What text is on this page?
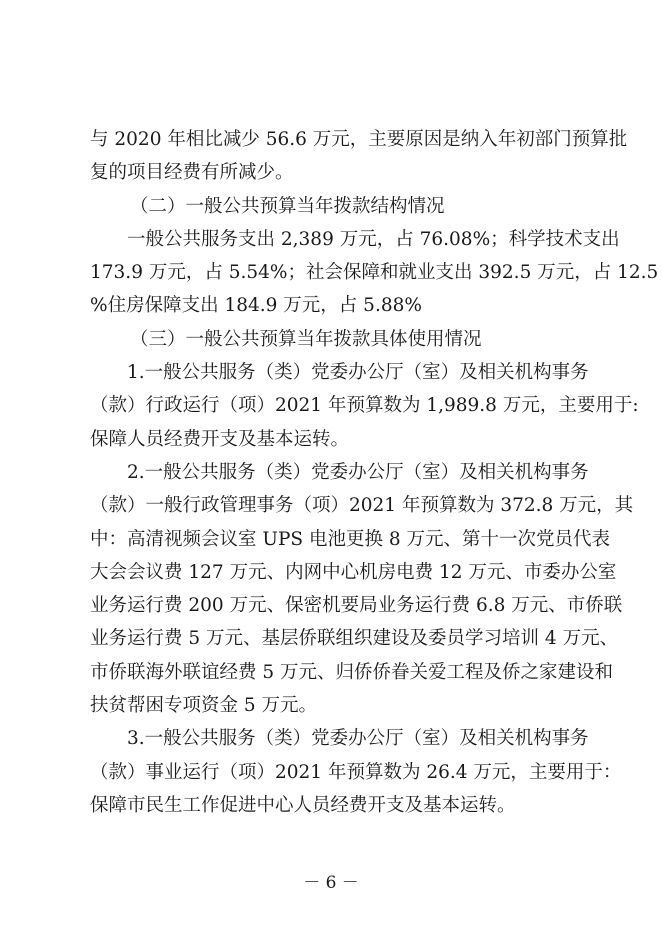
与 2020 年相比减少 56.6 万元，主要原因是纳入年初部门预算批
复的项目经费有所减少。
（二）一般公共预算当年拨款结构情况
一般公共服务支出 2,389 万元，占 76.08%；科学技术支出
173.9 万元，占 5.54%；社会保障和就业支出 392.5 万元，占 12.5
%住房保障支出 184.9 万元，占 5.88%
（三）一般公共预算当年拨款具体使用情况
1.一般公共服务（类）党委办公厅（室）及相关机构事务
（款）行政运行（项）2021 年预算数为 1,989.8 万元，主要用于:
保障人员经费开支及基本运转。
2.一般公共服务（类）党委办公厅（室）及相关机构事务
（款）一般行政管理事务（项）2021 年预算数为 372.8 万元，其
中：高清视频会议室 UPS 电池更换 8 万元、第十一次党员代表
大会会议费 127 万元、内网中心机房电费 12 万元、市委办公室
业务运行费 200 万元、保密机要局业务运行费 6.8 万元、市侨联
业务运行费 5 万元、基层侨联组织建设及委员学习培训 4 万元、
市侨联海外联谊经费 5 万元、归侨侨眷关爱工程及侨之家建设和
扶贫帮困专项资金 5 万元。
3.一般公共服务（类）党委办公厅（室）及相关机构事务
（款）事业运行（项）2021 年预算数为 26.4 万元，主要用于：
保障市民生工作促进中心人员经费开支及基本运转。
－ 6 －
